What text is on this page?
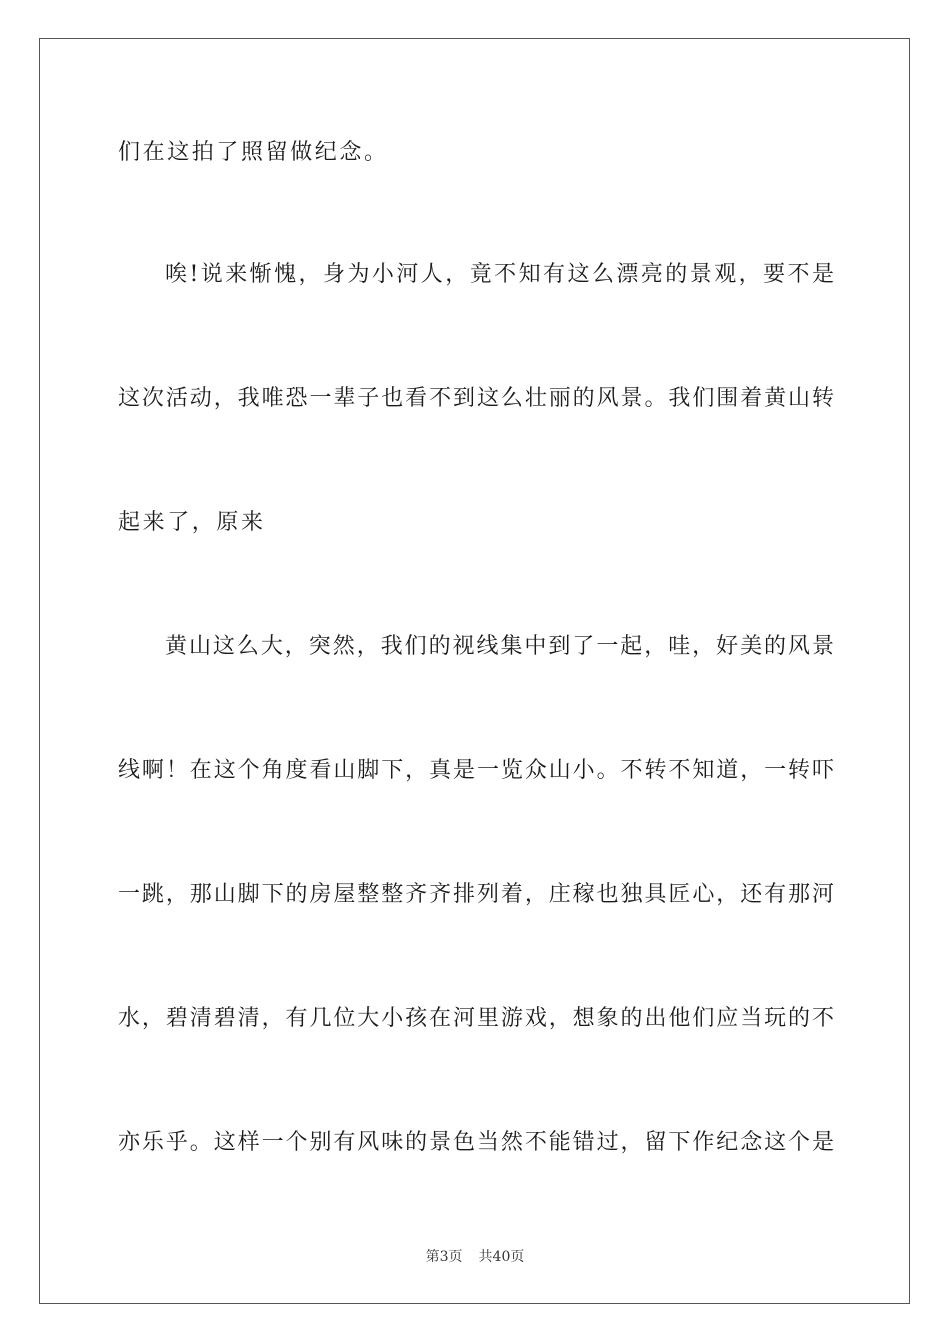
们在这拍了照留做纪念。
唉!说来惭愧，身为小河人，竟不知有这么漂亮的景观，要不是
这次活动，我唯恐一辈子也看不到这么壮丽的风景。我们围着黄山转
起来了，原来
黄山这么大，突然，我们的视线集中到了一起，哇，好美的风景
线啊！在这个角度看山脚下，真是一览众山小。不转不知道，一转吓
一跳，那山脚下的房屋整整齐齐排列着，庄稼也独具匠心，还有那河
水，碧清碧清，有几位大小孩在河里游戏，想象的出他们应当玩的不
亦乐乎。这样一个别有风味的景色当然不能错过，留下作纪念这个是
第3页 共40页
